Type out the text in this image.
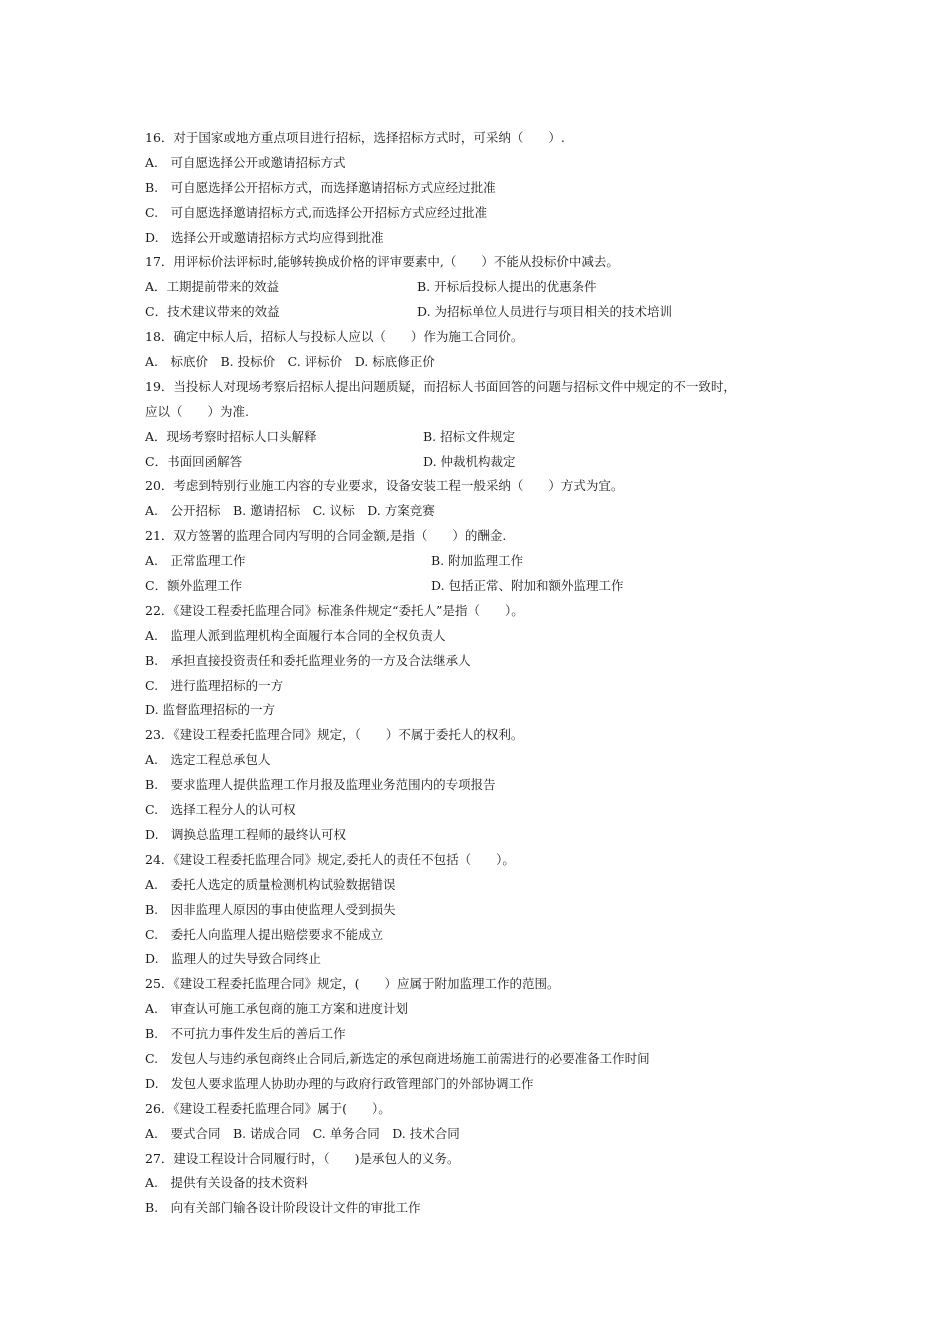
16．对于国家或地方重点项目进行招标，选择招标方式时，可采纳（　　）.
A.　可自愿选择公开或邀请招标方式
B.　可自愿选择公开招标方式，而选择邀请招标方式应经过批准
C.　可自愿选择邀请招标方式,而选择公开招标方式应经过批准
D.　选择公开或邀请招标方式均应得到批准
17．用评标价法评标时,能够转换成价格的评审要素中,（　　）不能从投标价中减去。
A．工期提前带来的效益	B. 开标后投标人提出的优惠条件
C．技术建议带来的效益	D. 为招标单位人员进行与项目相关的技术培训
18．确定中标人后，招标人与投标人应以（　　）作为施工合同价。
A.　标底价　B. 投标价　C. 评标价　D. 标底修正价
19．当投标人对现场考察后招标人提出问题质疑，而招标人书面回答的问题与招标文件中规定的不一致时，
应以（　　）为准.
A．现场考察时招标人口头解释	B. 招标文件规定
C．书面回函解答	D. 仲裁机构裁定
20．考虑到特别行业施工内容的专业要求，设备安装工程一般采纳（　　）方式为宜。
A.　公开招标　B. 邀请招标　C. 议标　D. 方案竞赛
21．双方签署的监理合同内写明的合同金额,是指（　　）的酬金.
A.　正常监理工作	B. 附加监理工作
C．额外监理工作	D. 包括正常、附加和额外监理工作
22．《建设工程委托监理合同》标准条件规定“委托人”是指（　　）。
A.　监理人派到监理机构全面履行本合同的全权负责人
B.　承担直接投资责任和委托监理业务的一方及合法继承人
C.　进行监理招标的一方
D. 监督监理招标的一方
23．《建设工程委托监理合同》规定，（　　）不属于委托人的权利。
A.　选定工程总承包人
B.　要求监理人提供监理工作月报及监理业务范围内的专项报告
C.　选择工程分人的认可权
D.　调换总监理工程师的最终认可权
24．《建设工程委托监理合同》规定,委托人的责任不包括（　　）。
A.　委托人选定的质量检测机构试验数据错误
B.　因非监理人原因的事由使监理人受到损失
C.　委托人向监理人提出赔偿要求不能成立
D.　监理人的过失导致合同终止
25．《建设工程委托监理合同》规定，(　　）应属于附加监理工作的范围。
A.　审查认可施工承包商的施工方案和进度计划
B.　不可抗力事件发生后的善后工作
C.　发包人与违约承包商终止合同后,新选定的承包商进场施工前需进行的必要准备工作时间
D.　发包人要求监理人协助办理的与政府行政管理部门的外部协调工作
26．《建设工程委托监理合同》属于(　　）。
A.　要式合同　B. 诺成合同　C. 单务合同　D. 技术合同
27．建设工程设计合同履行时，（　　)是承包人的义务。
A.　提供有关设备的技术资料
B.　向有关部门输各设计阶段设计文件的审批工作
